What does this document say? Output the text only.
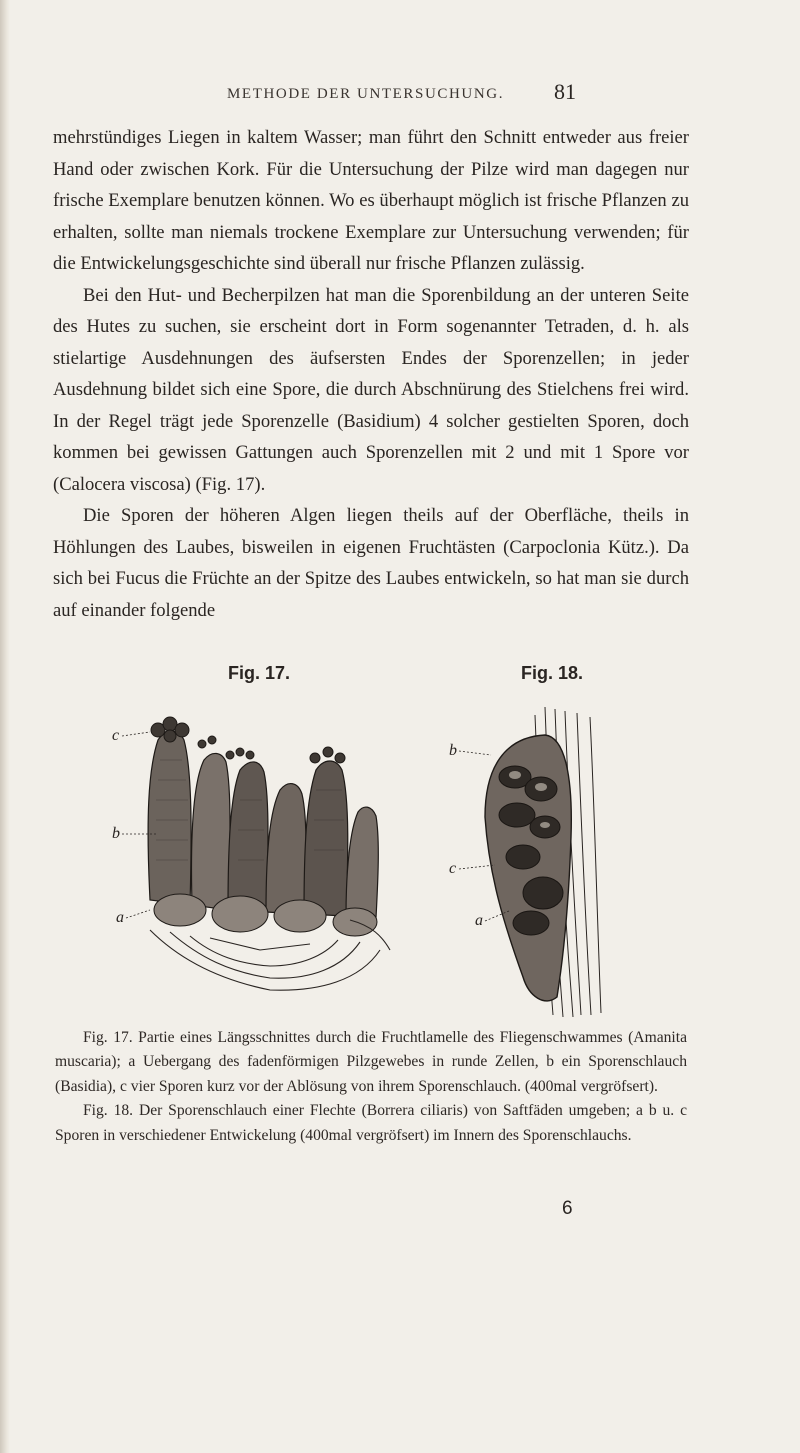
METHODE DER UNTERSUCHUNG. 81

mehrstündiges Liegen in kaltem Wasser; man führt den Schnitt entweder aus freier Hand oder zwischen Kork. Für die Untersuchung der Pilze wird man dagegen nur frische Exemplare benutzen können. Wo es überhaupt möglich ist frische Pflanzen zu erhalten, sollte man niemals trockene Exemplare zur Untersuchung verwenden; für die Entwickelungsgeschichte sind überall nur frische Pflanzen zulässig.

Bei den Hut- und Becherpilzen hat man die Sporenbildung an der unteren Seite des Hutes zu suchen, sie erscheint dort in Form sogenannter Tetraden, d. h. als stielartige Ausdehnungen des äufsersten Endes der Sporenzellen; in jeder Ausdehnung bildet sich eine Spore, die durch Abschnürung des Stielchens frei wird. In der Regel trägt jede Sporenzelle (Basidium) 4 solcher gestielten Sporen, doch kommen bei gewissen Gattungen auch Sporenzellen mit 2 und mit 1 Spore vor (Calocera viscosa) (Fig. 17).

Die Sporen der höheren Algen liegen theils auf der Oberfläche, theils in Höhlungen des Laubes, bisweilen in eigenen Fruchtästen (Carpoclonia Kütz.). Da sich bei Fucus die Früchte an der Spitze des Laubes entwickeln, so hat man sie durch auf einander folgende

Fig. 17.	Fig. 18.
c
b
a
b
c
a

Fig. 17. Partie eines Längsschnittes durch die Fruchtlamelle des Fliegenschwammes (Amanita muscaria); a Uebergang des fadenförmigen Pilzgewebes in runde Zellen, b ein Sporenschlauch (Basidia), c vier Sporen kurz vor der Ablösung von ihrem Sporenschlauch. (400mal vergröfsert).

Fig. 18. Der Sporenschlauch einer Flechte (Borrera ciliaris) von Saftfäden umgeben; a b u. c Sporen in verschiedener Entwickelung (400mal vergröfsert) im Innern des Sporenschlauchs.

6
